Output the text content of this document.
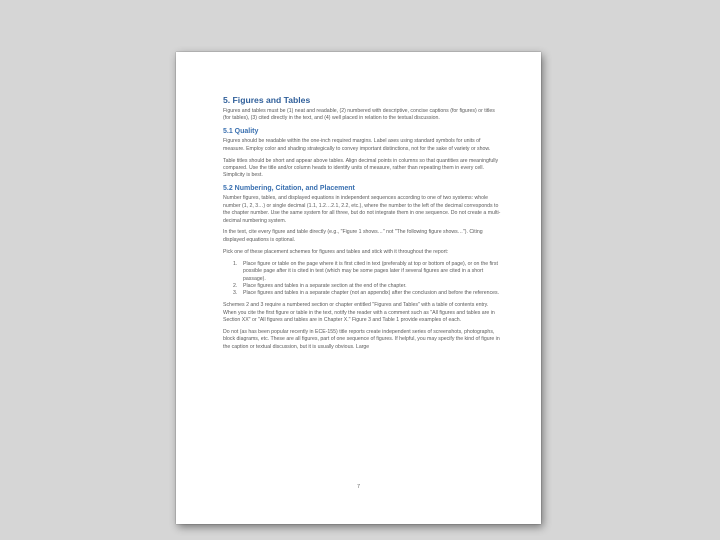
5. Figures and Tables
Figures and tables must be (1) neat and readable, (2) numbered with descriptive, concise captions (for figures) or titles (for tables), (3) cited directly in the text, and (4) well placed in relation to the textual discussion.
5.1 Quality
Figures should be readable within the one-inch required margins. Label axes using standard symbols for units of measure. Employ color and shading strategically to convey important distinctions, not for the sake of variety or show.
Table titles should be short and appear above tables. Align decimal points in columns so that quantities are meaningfully compared. Use the title and/or column heads to identify units of measure, rather than repeating them in every cell. Simplicity is best.
5.2 Numbering, Citation, and Placement
Number figures, tables, and displayed equations in independent sequences according to one of two systems: whole number (1, 2, 3…) or single decimal (1.1, 1.2…2.1, 2.2, etc.), where the number to the left of the decimal corresponds to the chapter number. Use the same system for all three, but do not integrate them in one sequence. Do not create a multi-decimal numbering system.
In the text, cite every figure and table directly (e.g., "Figure 1 shows…" not "The following figure shows…"). Citing displayed equations is optional.
Pick one of these placement schemes for figures and tables and stick with it throughout the report:
1.	Place figure or table on the page where it is first cited in text (preferably at top or bottom of page), or on the first possible page after it is cited in text (which may be some pages later if several figures are cited in a short passage).
2.	Place figures and tables in a separate section at the end of the chapter.
3.	Place figures and tables in a separate chapter (not an appendix) after the conclusion and before the references.
Schemes 2 and 3 require a numbered section or chapter entitled "Figures and Tables" with a table of contents entry. When you cite the first figure or table in the text, notify the reader with a comment such as "All figures and tables are in Section XX" or "All figures and tables are in Chapter X." Figure 3 and Table 1 provide examples of each.
Do not (as has been popular recently in ECE-155) title reports create independent series of screenshots, photographs, block diagrams, etc. These are all figures, part of one sequence of figures. If helpful, you may specify the kind of figure in the caption or textual discussion, but it is usually obvious. Large
7
